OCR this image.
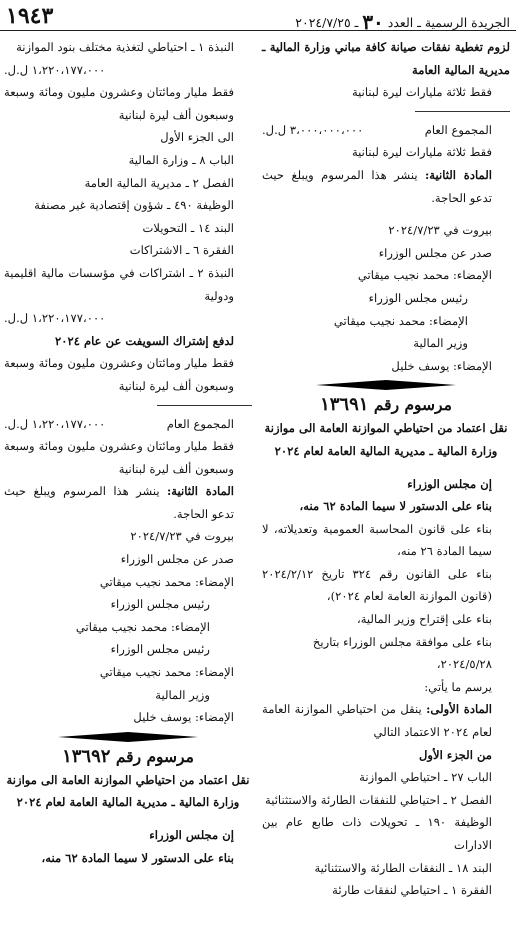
الجريدة الرسمية ـ العدد ٣٠ ـ ٢٠٢٤/٧/٢٥
١٩٤٣

لزوم تغطية نفقات صيانة كافة مباني وزارة المالية ـ مديرية المالية العامة

فقط ثلاثة مليارات ليرة لبنانية

المجموع العام
٣،٠٠٠،٠٠٠،٠٠٠ ل.ل.

فقط ثلاثة مليارات ليرة لبنانية

المادة الثانية: ينشر هذا المرسوم ويبلغ حيث تدعو الحاجة.

بيروت في ٢٠٢٤/٧/٢٣

صدر عن مجلس الوزراء

الإمضاء: محمد نجيب ميقاتي

رئيس مجلس الوزراء

الإمضاء: محمد نجيب ميقاتي

وزير المالية

الإمضاء: يوسف خليل

مرسوم رقم ١٣٦٩١

نقل اعتماد من احتياطي الموازنة العامة الى موازنة وزارة المالية ـ مديرية المالية العامة لعام ٢٠٢٤

إن مجلس الوزراء

بناء على الدستور لا سيما المادة ٦٢ منه،

بناء على قانون المحاسبة العمومية وتعديلاته، لا سيما المادة ٢٦ منه،

بناء على القانون رقم ٣٢٤ تاريخ ٢٠٢٤/٢/١٢ (قانون الموازنة العامة لعام ٢٠٢٤)،

بناء على إقتراح وزير المالية،

بناء على موافقة مجلس الوزراء بتاريخ ٢٠٢٤/٥/٢٨،

يرسم ما يأتي:

المادة الأولى: ينقل من احتياطي الموازنة العامة لعام ٢٠٢٤ الاعتماد التالي

من الجزء الأول

الباب ٢٧ ـ احتياطي الموازنة

الفصل ٢ ـ احتياطي للنفقات الطارئة والاستثنائية

الوظيفة ١٩٠ ـ تحويلات ذات طابع عام بين الادارات

البند ١٨ ـ النفقات الطارئة والاستثنائية

الفقرة ١ ـ احتياطي لنفقات طارئة

النبذة ١ ـ احتياطي لتغذية مختلف بنود الموازنة

١،٢٢٠،١٧٧،٠٠٠ ل.ل.

فقط مليار ومائتان وعشرون مليون ومائة وسبعة وسبعون ألف ليرة لبنانية

الى الجزء الأول

الباب ٨ ـ وزارة المالية

الفصل ٢ ـ مديرية المالية العامة

الوظيفة ٤٩٠ ـ شؤون إقتصادية غير مصنفة

البند ١٤ ـ التحويلات

الفقرة ٦ ـ الاشتراكات

النبذة ٢ ـ اشتراكات في مؤسسات مالية اقليمية ودولية

١،٢٢٠،١٧٧،٠٠٠ ل.ل.

لدفع إشتراك السويفت عن عام ٢٠٢٤

فقط مليار ومائتان وعشرون مليون ومائة وسبعة وسبعون ألف ليرة لبنانية

المجموع العام
١،٢٢٠،١٧٧،٠٠٠ ل.ل.

فقط مليار ومائتان وعشرون مليون ومائة وسبعة وسبعون ألف ليرة لبنانية

المادة الثانية: ينشر هذا المرسوم ويبلغ حيث تدعو الحاجة.

بيروت في ٢٠٢٤/٧/٢٣

صدر عن مجلس الوزراء

الإمضاء: محمد نجيب ميقاتي

رئيس مجلس الوزراء

الإمضاء: محمد نجيب ميقاتي

رئيس مجلس الوزراء

الإمضاء: محمد نجيب ميقاتي

وزير المالية

الإمضاء: يوسف خليل

مرسوم رقم ١٣٦٩٢

نقل اعتماد من احتياطي الموازنة العامة الى موازنة وزارة المالية ـ مديرية المالية العامة لعام ٢٠٢٤

إن مجلس الوزراء

بناء على الدستور لا سيما المادة ٦٢ منه،
